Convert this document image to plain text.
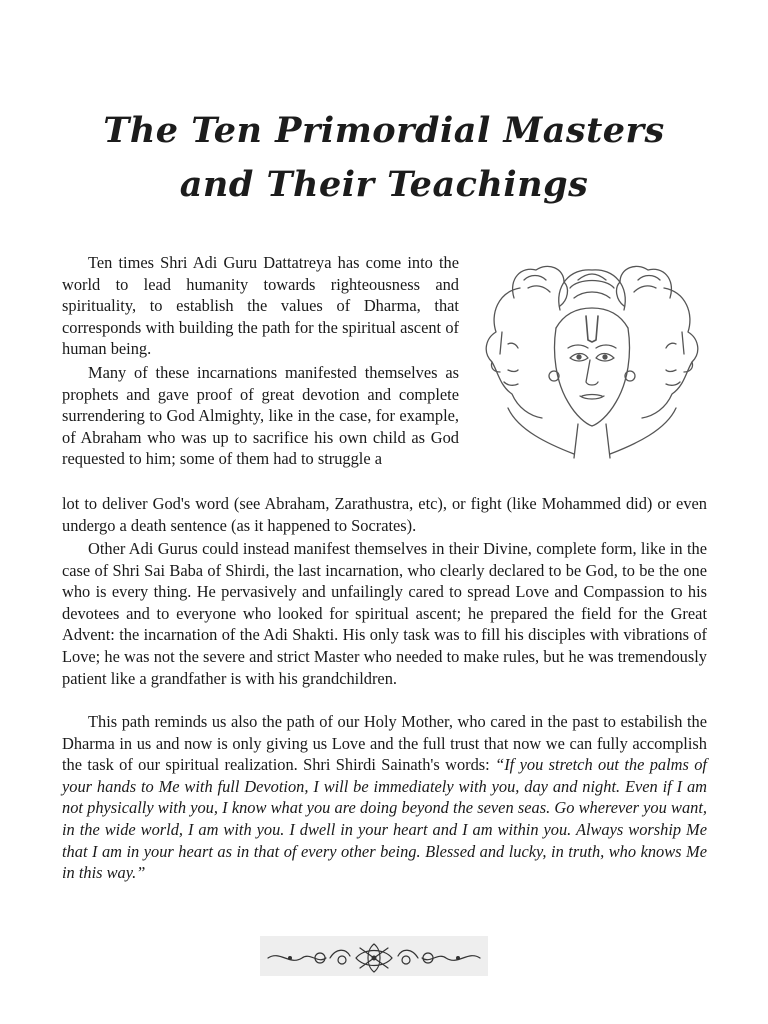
The Ten Primordial Masters
and Their Teachings

Ten times Shri Adi Guru Dattatreya has come into the world to lead humanity towards righteousness and spirituality, to establish the values of Dharma, that corresponds with building the path for the spiritual ascent of human being.

Many of these incarnations manifested themselves as prophets and gave proof of great devotion and complete surrendering to God Almighty, like in the case, for example, of Abraham who was up to sacrifice his own child as God requested to him; some of them had to struggle a

lot to deliver God's word (see Abraham, Zarathustra, etc), or fight (like Mohammed did) or even undergo a death sentence (as it happened to Socrates).

Other Adi Gurus could instead manifest themselves in their Divine, complete form, like in the case of Shri Sai Baba of Shirdi, the last incarnation, who clearly declared to be God, to be the one who is every thing. He pervasively and unfailingly cared to spread Love and Compassion to his devotees and to everyone who looked for spiritual ascent; he prepared the field for the Great Advent: the incarnation of the Adi Shakti. His only task was to fill his disciples with vibrations of Love; he was not the severe and strict Master who needed to make rules, but he was tremendously patient like a grandfather is with his grandchildren.

This path reminds us also the path of our Holy Mother, who cared in the past to estabilish the Dharma in us and now is only giving us Love and the full trust that now we can fully accomplish the task of our spiritual realization. Shri Shirdi Sainath's words: “If you stretch out the palms of your hands to Me with full Devotion, I will be immediately with you, day and night. Even if I am not physically with you, I know what you are doing beyond the seven seas. Go wherever you want, in the wide world, I am with you. I dwell in your heart and I am within you. Always worship Me that I am in your heart as in that of every other being. Blessed and lucky, in truth, who knows Me in this way.”
